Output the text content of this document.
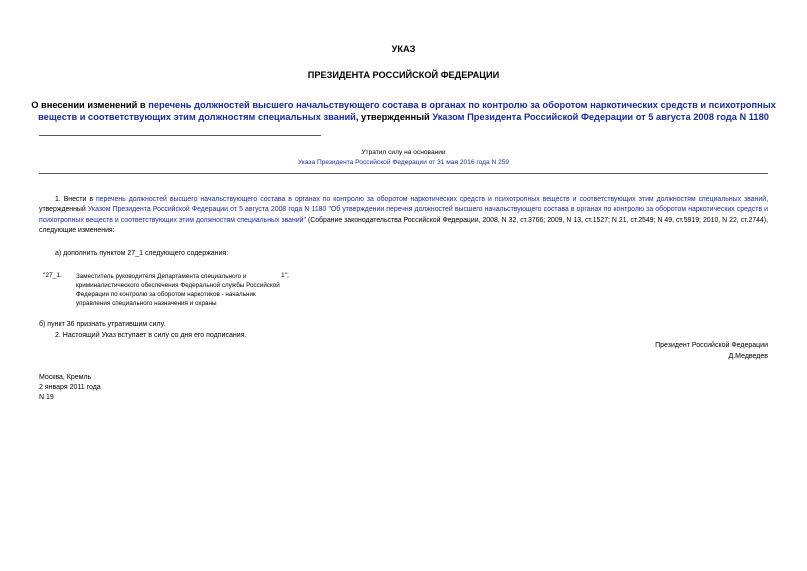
УКАЗ
ПРЕЗИДЕНТА РОССИЙСКОЙ ФЕДЕРАЦИИ
О внесении изменений в перечень должностей высшего начальствующего состава в органах по контролю за оборотом наркотических средств и психотропных веществ и соответствующих этим должностям специальных званий, утвержденный Указом Президента Российской Федерации от 5 августа 2008 года N 1180
Утратил силу на основании
Указа Президента Российской Федерации от 31 мая 2016 года N 259
1. Внести в перечень должностей высшего начальствующего состава в органах по контролю за оборотом наркотических средств и психотропных веществ и соответствующих этим должностям специальных званий, утвержденный Указом Президента Российской Федерации от 5 августа 2008 года N 1180 "Об утверждении перечня должностей высшего начальствующего состава в органах по контролю за оборотом наркотических средств и психотропных веществ и соответствующих этим должностям специальных званий" (Собрание законодательства Российской Федерации, 2008, N 32, ст.3766; 2009, N 13, ст.1527; N 21, ст.2549; N 49, ст.5919; 2010, N 22, ст.2744), следующие изменения:
а) дополнить пунктом 27_1 следующего содержания:
"27_1. Заместитель руководителя Департамента специального и криминалистического обеспечения Федеральной службы Российской Федерации по контролю за оборотом наркотиков - начальник управления специального назначения и охраны
1";
б) пункт 36 признать утратившим силу.
2. Настоящий Указ вступает в силу со дня его подписания.
Президент Российской Федерации
Д.Медведев
Москва, Кремль
2 января 2011 года
N 19
